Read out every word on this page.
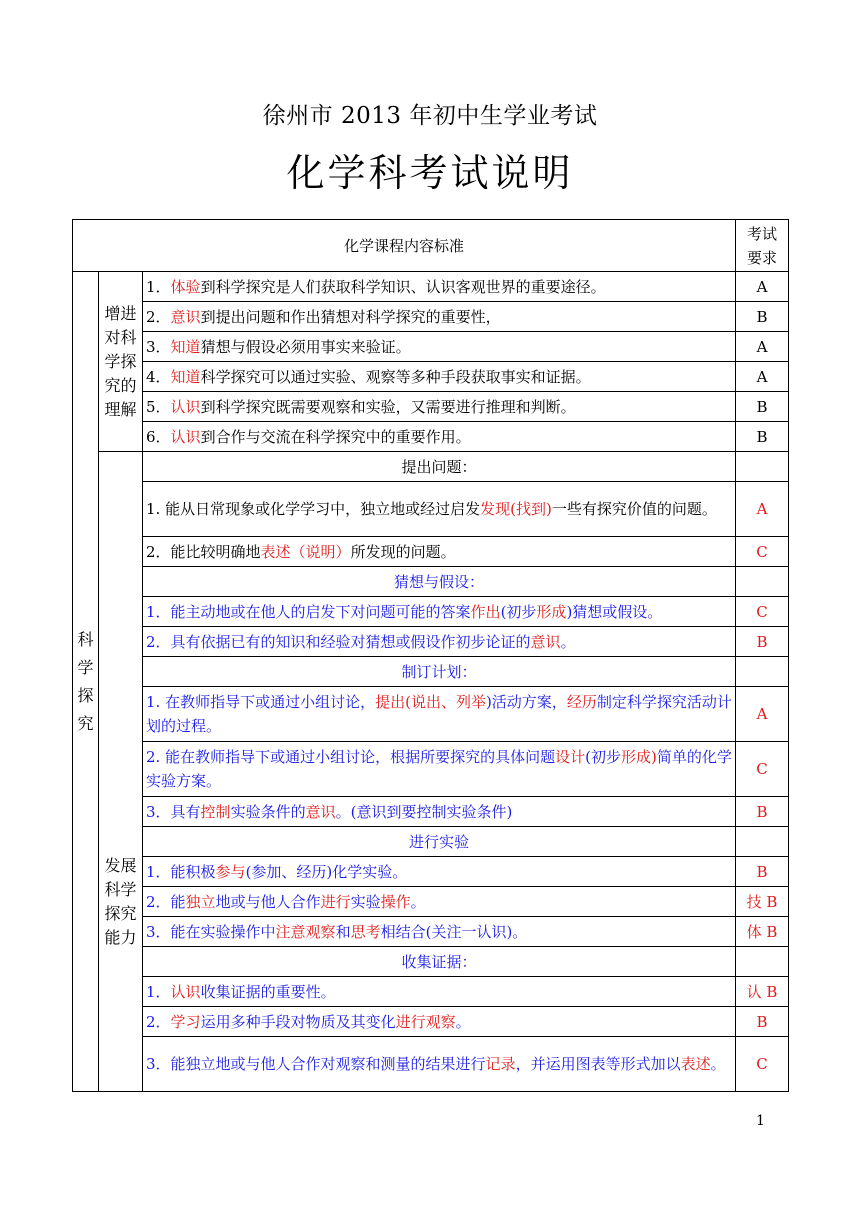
徐州市 2013 年初中生学业考试
化学科考试说明
化学课程内容标准			考试
要求

科学探究	增进对科学探究的理解	1．体验到科学探究是人们获取科学知识、认识客观世界的重要途径。	A
		2．意识到提出问题和作出猜想对科学探究的重要性，	B
		3．知道猜想与假设必须用事实来验证。	A
		4．知道科学探究可以通过实验、观察等多种手段获取事实和证据。	A
		5．认识到科学探究既需要观察和实验，又需要进行推理和判断。	B
		6．认识到合作与交流在科学探究中的重要作用。	B

	发展科学探究能力	提出问题：	
		1. 能从日常现象或化学学习中，独立地或经过启发发现(找到)一些有探究价值的问题。	A
		2．能比较明确地表述（说明）所发现的问题。	C
		猜想与假设：	
		1．能主动地或在他人的启发下对问题可能的答案作出(初步形成)猜想或假设。	C
		2．具有依据已有的知识和经验对猜想或假设作初步论证的意识。	B
		制订计划：	
		1. 在教师指导下或通过小组讨论，提出(说出、列举)活动方案，经历制定科学探究活动计划的过程。	A
		2. 能在教师指导下或通过小组讨论，根据所要探究的具体问题设计(初步形成)简单的化学实验方案。	C
		3．具有控制实验条件的意识。(意识到要控制实验条件)	B
		进行实验	
		1．能积极参与(参加、经历)化学实验。	B
		2．能独立地或与他人合作进行实验操作。	技 B
		3．能在实验操作中注意观察和思考相结合(关注一认识)。	体 B
		收集证据：	
		1．认识收集证据的重要性。	认 B
		2．学习运用多种手段对物质及其变化进行观察。	B
		3．能独立地或与他人合作对观察和测量的结果进行记录，并运用图表等形式加以表述。	C
1
